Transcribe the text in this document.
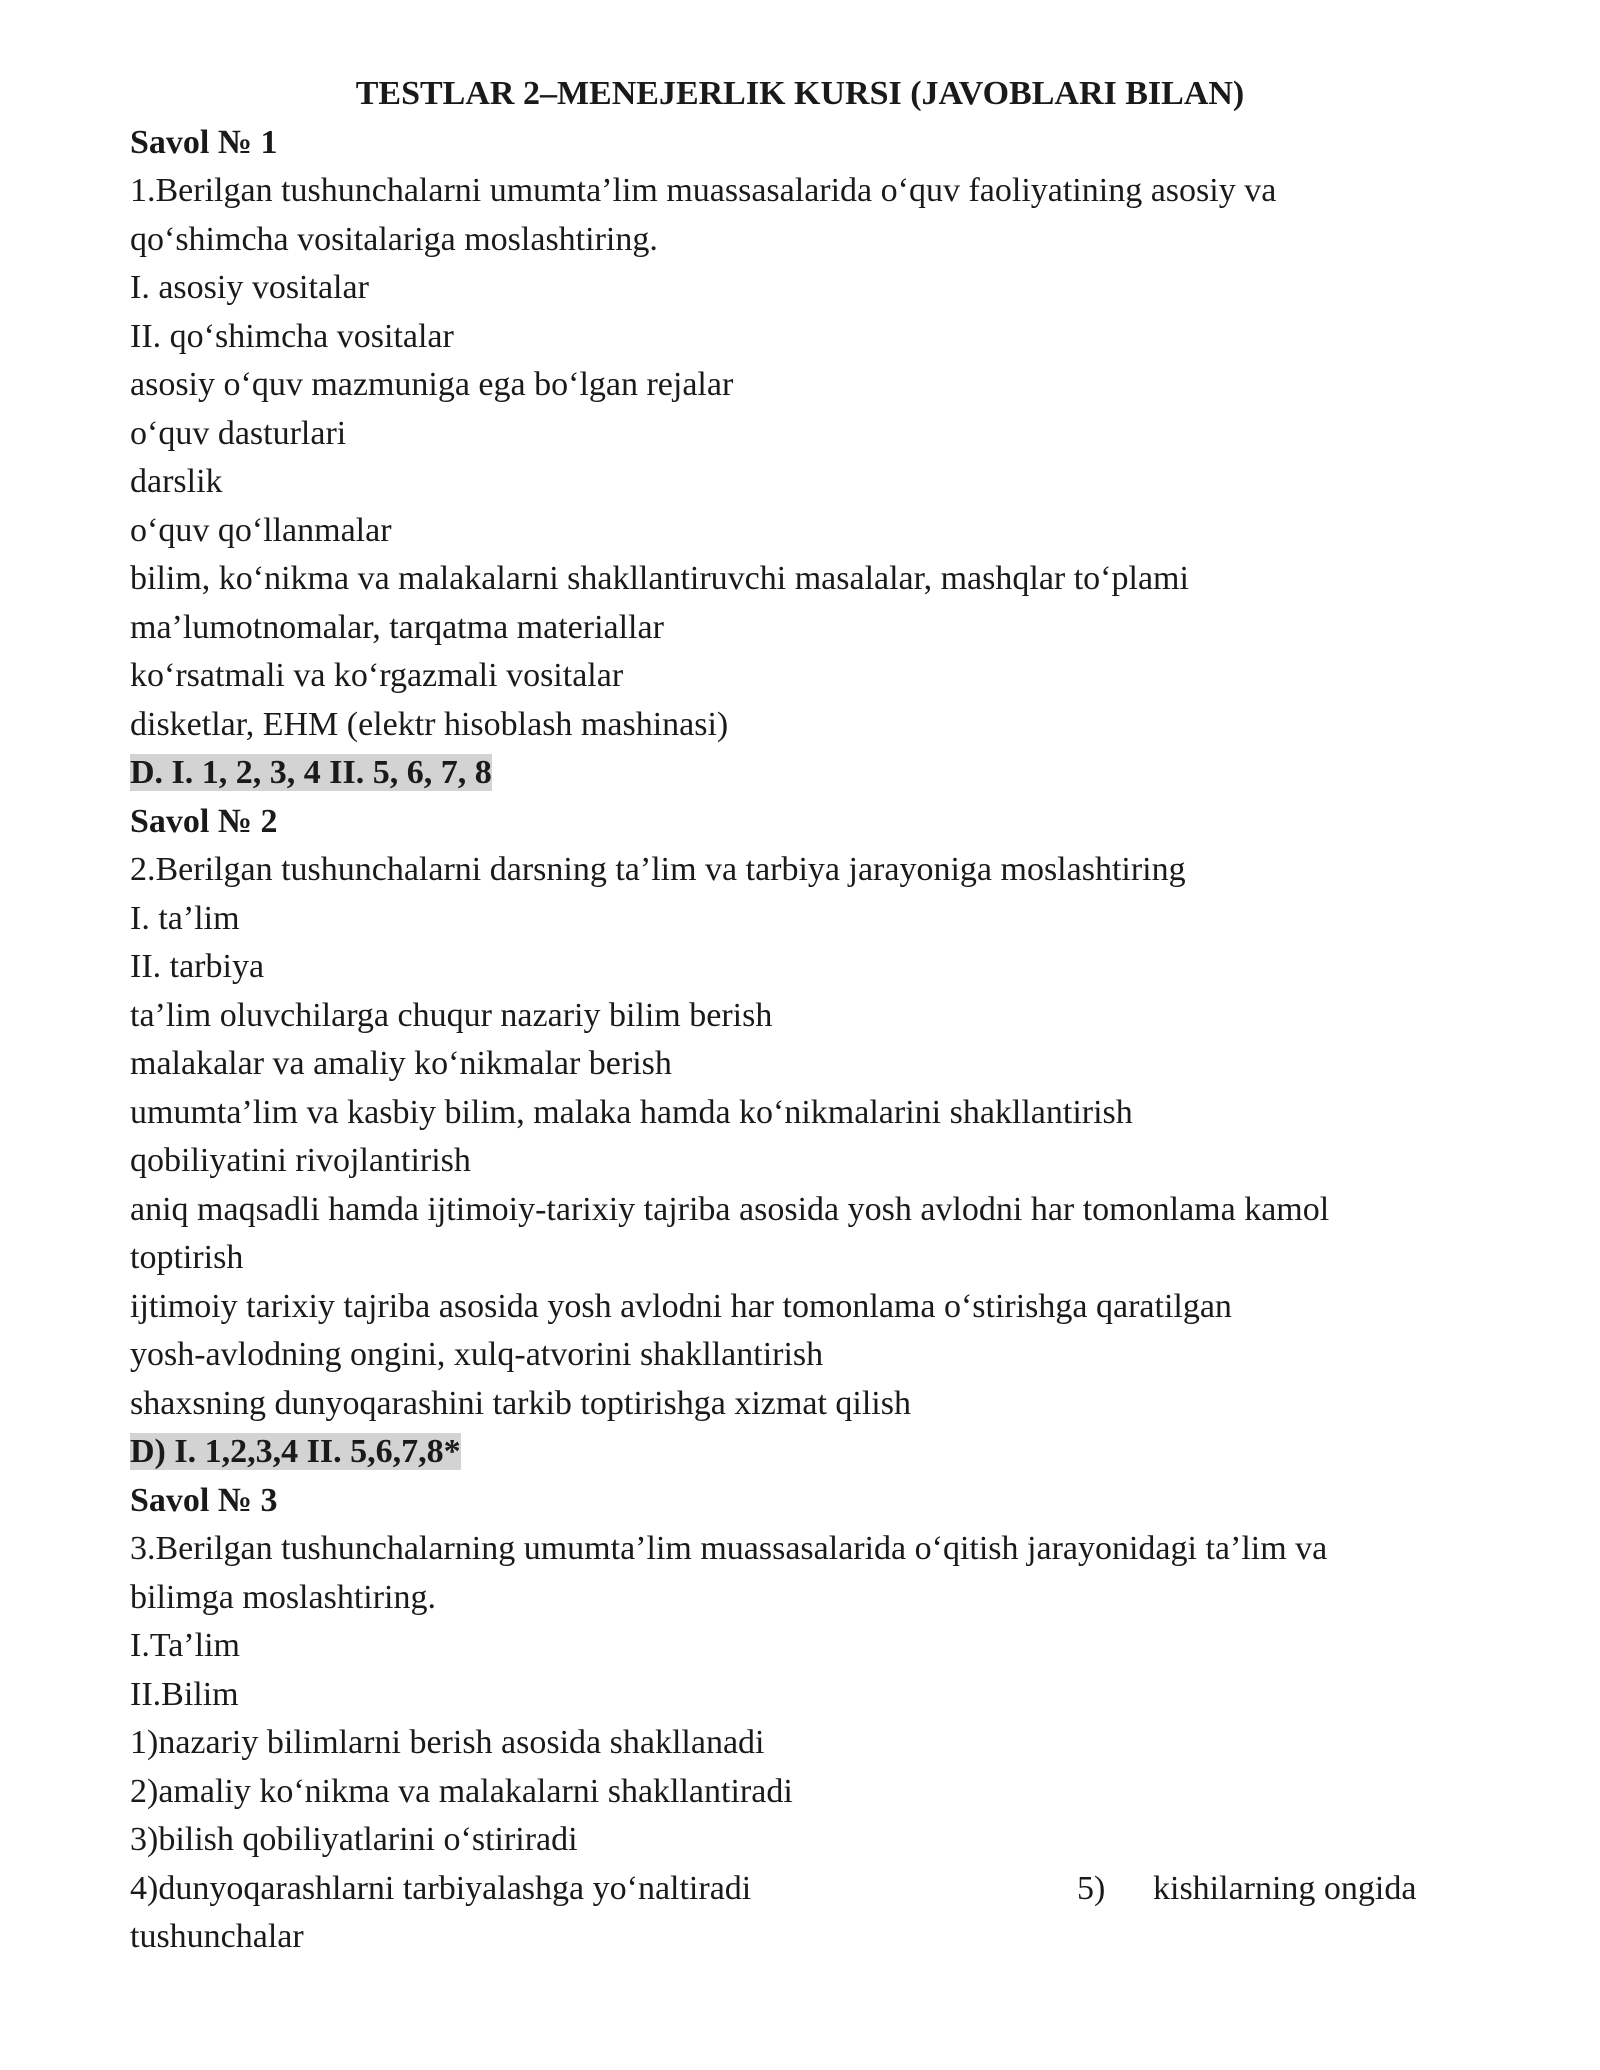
TESTLAR 2–MENEJERLIK KURSI (JAVOBLARI BILAN)
Savol № 1
1.Berilgan tushunchalarni umumta’lim muassasalarida o‘quv faoliyatining asosiy va
qo‘shimcha vositalariga moslashtiring.
I. asosiy vositalar
II. qo‘shimcha vositalar
asosiy o‘quv mazmuniga ega bo‘lgan rejalar
o‘quv dasturlari
darslik
o‘quv qo‘llanmalar
bilim, ko‘nikma va malakalarni shakllantiruvchi masalalar, mashqlar to‘plami
ma’lumotnomalar, tarqatma materiallar
ko‘rsatmali va ko‘rgazmali vositalar
disketlar, EHM (elektr hisoblash mashinasi)
D. I. 1, 2, 3, 4 II. 5, 6, 7, 8
Savol № 2
2.Berilgan tushunchalarni darsning ta’lim va tarbiya jarayoniga moslashtiring
I. ta’lim
II. tarbiya
ta’lim oluvchilarga chuqur nazariy bilim berish
malakalar va amaliy ko‘nikmalar berish
umumta’lim va kasbiy bilim, malaka hamda ko‘nikmalarini shakllantirish
qobiliyatini rivojlantirish
aniq maqsadli hamda ijtimoiy-tarixiy tajriba asosida yosh avlodni har tomonlama kamol
toptirish
ijtimoiy tarixiy tajriba asosida yosh avlodni har tomonlama o‘stirishga qaratilgan
yosh-avlodning ongini, xulq-atvorini shakllantirish
shaxsning dunyoqarashini tarkib toptirishga xizmat qilish
D) I. 1,2,3,4 II. 5,6,7,8*
Savol № 3
3.Berilgan tushunchalarning umumta’lim muassasalarida o‘qitish jarayonidagi ta’lim va
bilimga moslashtiring.
I.Ta’lim
II.Bilim
1)nazariy bilimlarni berish asosida shakllanadi
2)amaliy ko‘nikma va malakalarni shakllantiradi
3)bilish qobiliyatlarini o‘stiriradi
4)dunyoqarashlarni tarbiyalashga yo‘naltiradi	5) kishilarning ongida
tushunchalar
